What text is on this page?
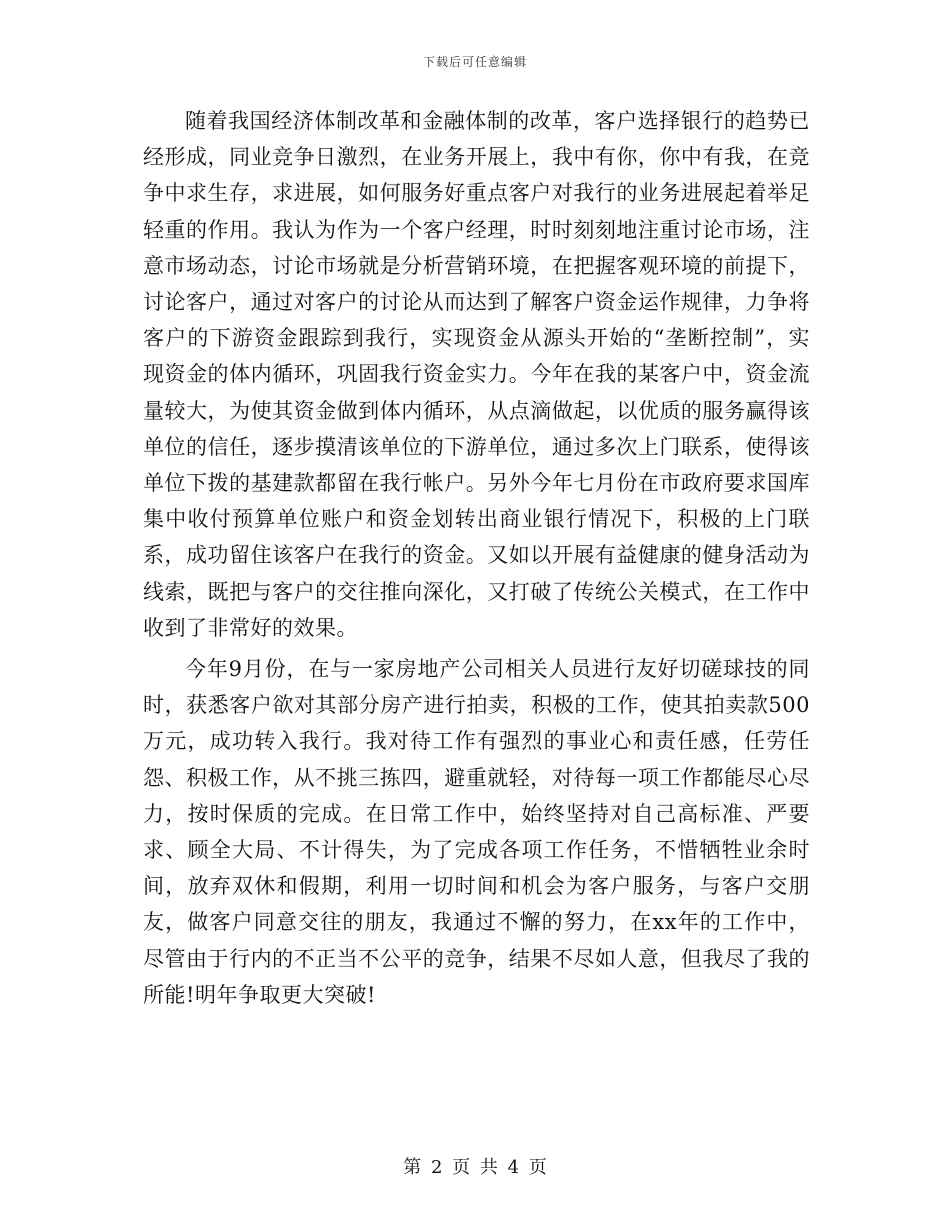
下载后可任意编辑

随着我国经济体制改革和金融体制的改革，客户选择银行的趋势已经形成，同业竞争日激烈，在业务开展上，我中有你，你中有我，在竞争中求生存，求进展，如何服务好重点客户对我行的业务进展起着举足轻重的作用。我认为作为一个客户经理，时时刻刻地注重讨论市场，注意市场动态，讨论市场就是分析营销环境，在把握客观环境的前提下，讨论客户，通过对客户的讨论从而达到了解客户资金运作规律，力争将客户的下游资金跟踪到我行，实现资金从源头开始的“垄断控制”，实现资金的体内循环，巩固我行资金实力。今年在我的某客户中，资金流量较大，为使其资金做到体内循环，从点滴做起，以优质的服务赢得该单位的信任，逐步摸清该单位的下游单位，通过多次上门联系，使得该单位下拨的基建款都留在我行帐户。另外今年七月份在市政府要求国库集中收付预算单位账户和资金划转出商业银行情况下，积极的上门联系，成功留住该客户在我行的资金。又如以开展有益健康的健身活动为线索，既把与客户的交往推向深化，又打破了传统公关模式，在工作中收到了非常好的效果。

今年9月份，在与一家房地产公司相关人员进行友好切磋球技的同时，获悉客户欲对其部分房产进行拍卖，积极的工作，使其拍卖款500万元，成功转入我行。我对待工作有强烈的事业心和责任感，任劳任怨、积极工作，从不挑三拣四，避重就轻，对待每一项工作都能尽心尽力，按时保质的完成。在日常工作中，始终坚持对自己高标准、严要求、顾全大局、不计得失，为了完成各项工作任务，不惜牺牲业余时间，放弃双休和假期，利用一切时间和机会为客户服务，与客户交朋友，做客户同意交往的朋友，我通过不懈的努力，在xx年的工作中，尽管由于行内的不正当不公平的竞争，结果不尽如人意，但我尽了我的所能!明年争取更大突破!

第 2 页 共 4 页
